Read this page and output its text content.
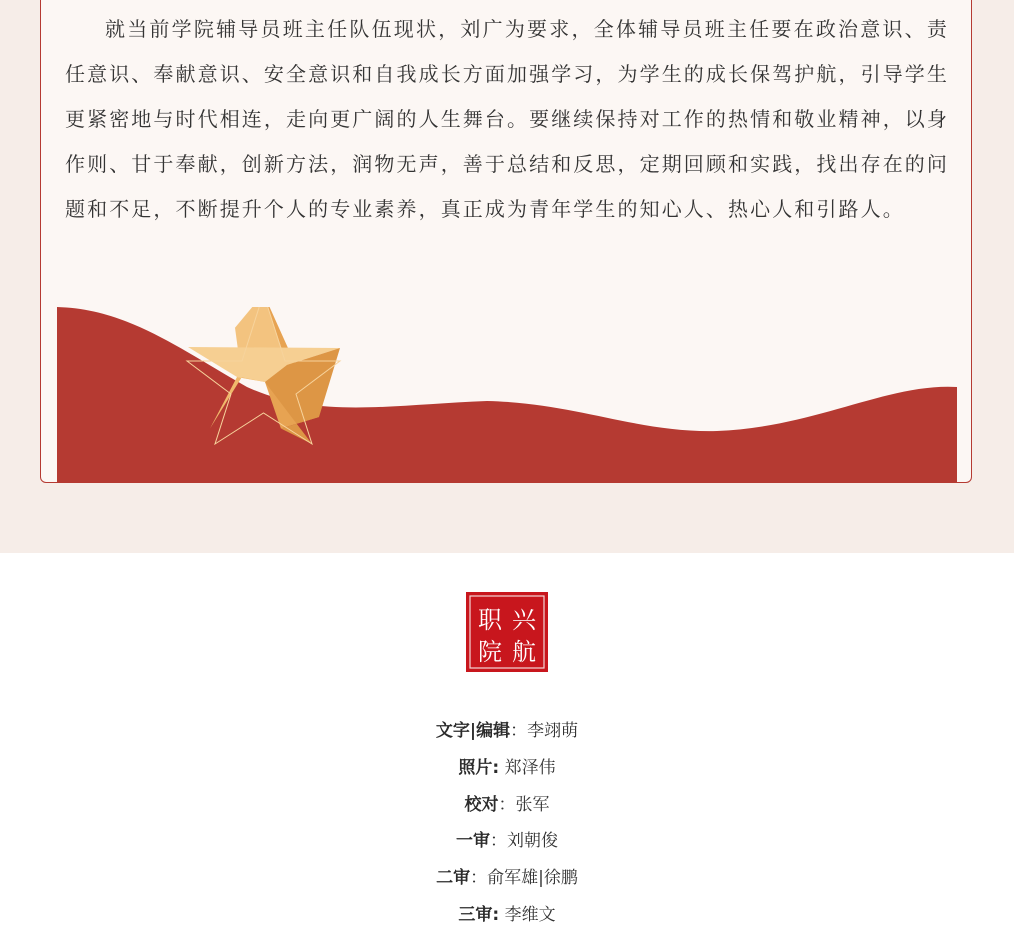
就当前学院辅导员班主任队伍现状，刘广为要求，全体辅导员班主任要在政治意识、责任意识、奉献意识、安全意识和自我成长方面加强学习，为学生的成长保驾护航，引导学生更紧密地与时代相连，走向更广阔的人生舞台。要继续保持对工作的热情和敬业精神，以身作则、甘于奉献，创新方法，润物无声，善于总结和反思，定期回顾和实践，找出存在的问题和不足，不断提升个人的专业素养，真正成为青年学生的知心人、热心人和引路人。

兴
职
航
院
文字|编辑：李翊萌
照片: 郑泽伟
校对：张军
一审：刘朝俊
二审：俞军雄|徐鹏
三审: 李维文
